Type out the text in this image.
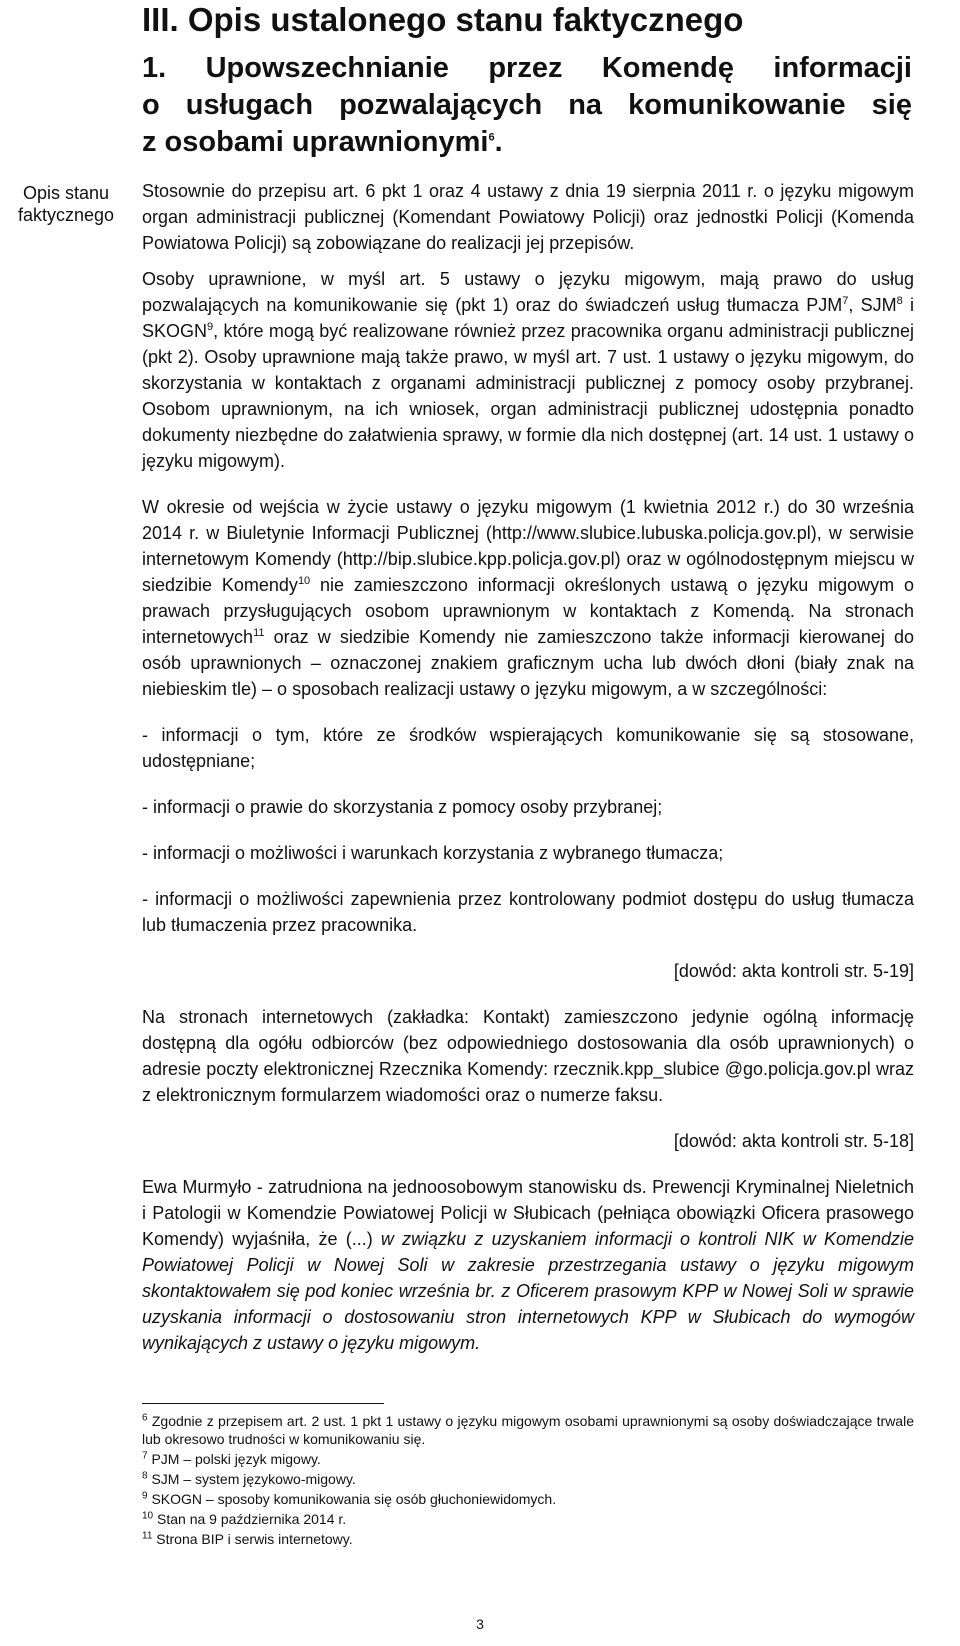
III. Opis ustalonego stanu faktycznego
1. Upowszechnianie przez Komendę informacji
o usługach pozwalających na komunikowanie się
z osobami uprawnionymi$^6$.
Opis stanu faktycznego

Stosownie do przepisu art. 6 pkt 1 oraz 4 ustawy z dnia 19 sierpnia 2011 r. o języku migowym organ administracji publicznej (Komendant Powiatowy Policji) oraz jednostki Policji (Komenda Powiatowa Policji) są zobowiązane do realizacji jej przepisów.

Osoby uprawnione, w myśl art. 5 ustawy o języku migowym, mają prawo do usług pozwalających na komunikowanie się (pkt 1) oraz do świadczeń usług tłumacza PJM$^7$, SJM$^8$ i SKOGN$^9$, które mogą być realizowane również przez pracownika organu administracji publicznej (pkt 2). Osoby uprawnione mają także prawo, w myśl art. 7 ust. 1 ustawy o języku migowym, do skorzystania w kontaktach z organami administracji publicznej z pomocy osoby przybranej. Osobom uprawnionym, na ich wniosek, organ administracji publicznej udostępnia ponadto dokumenty niezbędne do załatwienia sprawy, w formie dla nich dostępnej (art. 14 ust. 1 ustawy o języku migowym).

W okresie od wejścia w życie ustawy o języku migowym (1 kwietnia 2012 r.) do 30 września 2014 r. w Biuletynie Informacji Publicznej (http://www.slubice.lubuska.policja.gov.pl), w serwisie internetowym Komendy (http://bip.slubice.kpp.policja.gov.pl) oraz w ogólnodostępnym miejscu w siedzibie Komendy$^{10}$ nie zamieszczono informacji określonych ustawą o języku migowym o prawach przysługujących osobom uprawnionym w kontaktach z Komendą. Na stronach internetowych$^{11}$ oraz w siedzibie Komendy nie zamieszczono także informacji kierowanej do osób uprawnionych – oznaczonej znakiem graficznym ucha lub dwóch dłoni (biały znak na niebieskim tle) – o sposobach realizacji ustawy o języku migowym, a w szczególności:

- informacji o tym, które ze środków wspierających komunikowanie się są stosowane, udostępniane;

- informacji o prawie do skorzystania z pomocy osoby przybranej;

- informacji o możliwości i warunkach korzystania z wybranego tłumacza;

- informacji o możliwości zapewnienia przez kontrolowany podmiot dostępu do usług tłumacza lub tłumaczenia przez pracownika.

[dowód: akta kontroli str. 5-19]

Na stronach internetowych (zakładka: Kontakt) zamieszczono jedynie ogólną informację dostępną dla ogółu odbiorców (bez odpowiedniego dostosowania dla osób uprawnionych) o adresie poczty elektronicznej Rzecznika Komendy: rzecznik.kpp_slubice @go.policja.gov.pl wraz z elektronicznym formularzem wiadomości oraz o numerze faksu.

[dowód: akta kontroli str. 5-18]

Ewa Murmyło - zatrudniona na jednoosobowym stanowisku ds. Prewencji Kryminalnej Nieletnich i Patologii w Komendzie Powiatowej Policji w Słubicach (pełniąca obowiązki Oficera prasowego Komendy) wyjaśniła, że (...) w związku z uzyskaniem informacji o kontroli NIK w Komendzie Powiatowej Policji w Nowej Soli w zakresie przestrzegania ustawy o języku migowym skontaktowałem się pod koniec września br. z Oficerem prasowym KPP w Nowej Soli w sprawie uzyskania informacji o dostosowaniu stron internetowych KPP w Słubicach do wymogów wynikających z ustawy o języku migowym.

$^6$ Zgodnie z przepisem art. 2 ust. 1 pkt 1 ustawy o języku migowym osobami uprawnionymi są osoby doświadczające trwale lub okresowo trudności w komunikowaniu się.
$^7$ PJM – polski język migowy.
$^8$ SJM – system językowo-migowy.
$^9$ SKOGN – sposoby komunikowania się osób głuchoniewidomych.
$^{10}$ Stan na 9 października 2014 r.
$^{11}$ Strona BIP i serwis internetowy.
3
